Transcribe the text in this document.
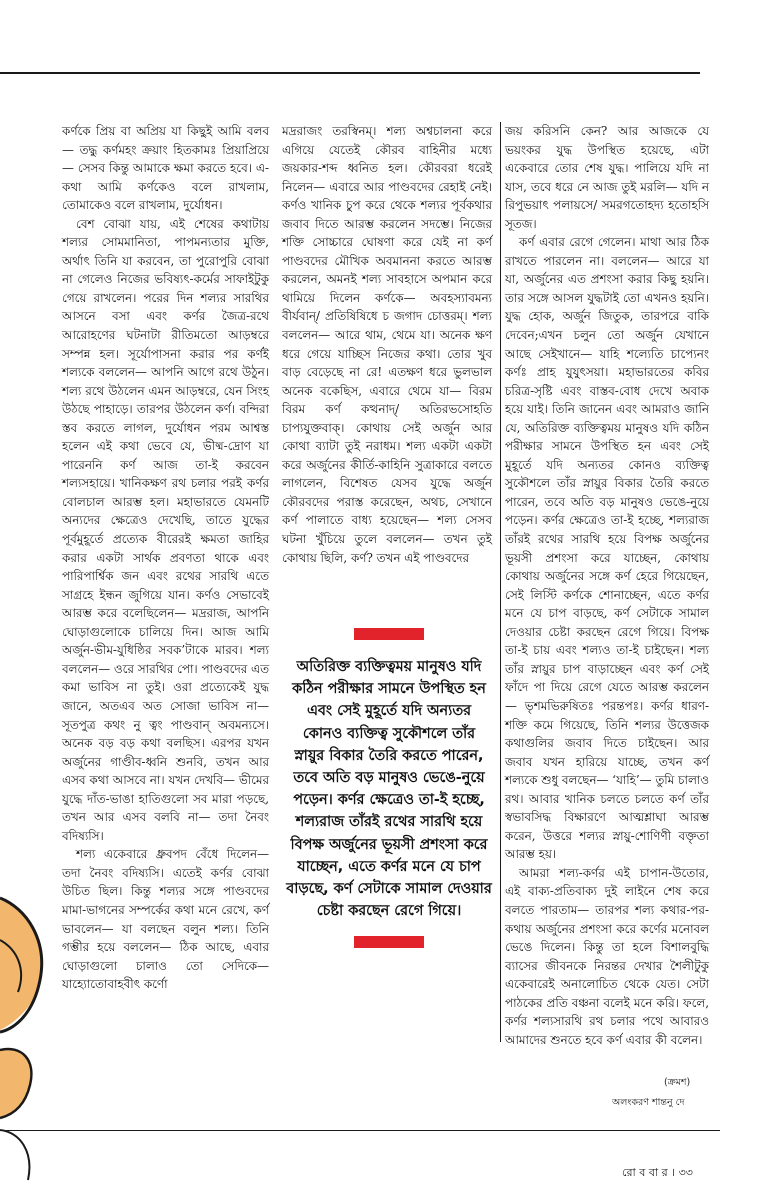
কর্ণকে প্রিয় বা অপ্রিয় যা কিছুই আমি বলব— তদ্ধু কর্ণমহং ক্রয়াং হিতকামঃ প্রিয়াপ্রিয়ে— সেসব কিন্তু আমাকে ক্ষমা করতে হবে। এ-কথা আমি কর্ণকেও বলে রাখলাম, তোমাকেও বলে রাখলাম, দুর্যোধন।

বেশ বোঝা যায়, এই শেষের কথাটায় শল্যর সোমমানিতা, পাপমন্যতার মুক্তি, অর্থাৎ তিনি যা করবেন, তা পুরোপুরি বোঝা না গেলেও নিজের ভবিষ্যৎ-কর্মের সাফাইটুকু গেয়ে রাখলেন। পরের দিন শল্যর সারথির আসনে বসা এবং কর্ণর জৈত্র-রথে আরোহণের ঘটনাটা রীতিমতো আড়ম্বরে সম্পন্ন হল। সূর্যোপাসনা করার পর কর্ণই শল্যকে বললেন— আপনি আগে রথে উঠুন। শল্য রথে উঠলেন এমন আড়ম্বরে, যেন সিংহ উঠছে পাহাড়ে। তারপর উঠলেন কর্ণ। বন্দিরা স্তব করতে লাগল, দুর্যোধন পরম আশ্বস্ত হলেন এই কথা ভেবে যে, ভীষ্ম-দ্রোণ যা পারেননি কর্ণ আজ তা-ই করবেন শল্যসহায়ে। খানিকক্ষণ রথ চলার পরই কর্ণর বোলচাল আরম্ভ হল। মহাভারতে যেমনটি অন্যদের ক্ষেত্রেও দেখেছি, তাতে যুদ্ধের পূর্বমুহূর্তে প্রত্যেক বীরেরই ক্ষমতা জাহির করার একটা সার্থক প্রবণতা থাকে এবং পারিপার্শ্বিক জন এবং রথের সারথি এতে সাগ্রহে ইন্ধন জুগিয়ে যান। কর্ণও সেভাবেই আরম্ভ করে বলেছিলেন— মদ্ররাজ, আপনি ঘোড়াগুলোকে চালিয়ে দিন। আজ আমি অর্জুন-ভীম-যুধিষ্ঠির সবক’টাকে মারব। শল্য বললেন— ওরে সারথির পো। পাণ্ডবদের এত কমা ভাবিস না তুই। ওরা প্রত্যেকেই যুদ্ধ জানে, অতএব অত সোজা ভাবিস না—সূতপুত্র কথং নু ত্বং পাণ্ডবান্ অবমন্যসে। অনেক বড় বড় কথা বলছিস। এরপর যখন অর্জুনের গাণ্ডীব-ধ্বনি শুনবি, তখন আর এসব কথা আসবে না। যখন দেখবি— ভীমের যুদ্ধে দাঁত-ভাঙা হাতিগুলো সব মারা পড়ছে, তখন আর এসব বলবি না— তদা নৈবং বদিষ্যসি।

শল্য একেবারে ধ্রুবপদ বেঁধে দিলেন— তদা নৈবং বদিষ্যসি। এতেই কর্ণর বোঝা উচিত ছিল। কিন্তু শল্যর সঙ্গে পাণ্ডবদের মামা-ভাগনের সম্পর্কের কথা মনে রেখে, কর্ণ ভাবলেন— যা বলছেন বলুন শল্য। তিনি গম্ভীর হয়ে বললেন— ঠিক আছে, এবার ঘোড়াগুলো চালাও তো সেদিকে— যাহ্যোতোবাহবীৎ কর্ণো

মদ্ররাজং তরস্বিনম্। শল্য অশ্বচালনা করে এগিয়ে যেতেই কৌরব বাহিনীর মধ্যে জয়কার-শব্দ ধ্বনিত হল। কৌরবরা ধরেই নিলেন— এবারে আর পাণ্ডবদের রেহাই নেই। কর্ণও খানিক চুপ করে থেকে শল্যর পূর্বকথার জবাব দিতে আরম্ভ করলেন সদম্ভে। নিজের শক্তি সোচ্চারে ঘোষণা করে যেই না কর্ণ পাণ্ডবদের মৌখিক অবমাননা করতে আরম্ভ করলেন, অমনই শল্য সাবহাসে অপমান করে থামিয়ে দিলেন কর্ণকে— অবহস্যাবমন্য বীর্যবান্/ প্রতিষিষিধে চ জগাদ চোত্তরম্। শল্য বললেন— আরে থাম, থেমে যা। অনেক ক্ষণ ধরে গেয়ে যাচ্ছিস নিজের কথা। তোর খুব বাড় বেড়েছে না রে! এতক্ষণ ধরে ভুলভাল অনেক বকেছিস, এবারে থেমে যা— বিরম বিরম কর্ণ কত্থনাদ্/ অতিরভসোহতি চাপ্যযুক্তবাক্। কোথায় সেই অর্জুন আর কোথা ব্যাটা তুই নরাধম। শল্য একটা একটা করে অর্জুনের কীর্তি-কাহিনি সুত্রাকারে বলতে লাগলেন, বিশেষত যেসব যুদ্ধে অর্জুন কৌরবদের পরাস্ত করেছেন, অথচ, সেখানে কর্ণ পালাতে বাধ্য হয়েছেন— শল্য সেসব ঘটনা খুঁচিয়ে তুলে বললেন— তখন তুই কোথায় ছিলি, কর্ণ? তখন এই পাণ্ডবদের

অতিরিক্ত ব্যক্তিত্বময় মানুষও যদি কঠিন পরীক্ষার সামনে উপস্থিত হন এবং সেই মুহূর্তে যদি অন্যতর কোনও ব্যক্তিত্ব সুকৌশলে তাঁর স্নায়ুর বিকার তৈরি করতে পারেন, তবে অতি বড় মানুষও ভেঙে-নুয়ে পড়েন। কর্ণর ক্ষেত্রেও তা-ই হচ্ছে, শল্যরাজ তাঁরই রথের সারথি হয়ে বিপক্ষ অর্জুনের ভূয়সী প্রশংসা করে যাচ্ছেন, এতে কর্ণর মনে যে চাপ বাড়ছে, কর্ণ সেটাকে সামাল দেওয়ার চেষ্টা করছেন রেগে গিয়ে।

জয় করিসনি কেন? আর আজকে যে ভয়ংকর যুদ্ধ উপস্থিত হয়েছে, এটা একেবারে তোর শেষ যুদ্ধ। পালিয়ে যদি না যাস, তবে ধরে নে আজ তুই মরলি— যদি ন রিপুভয়াৎ পলায়সে/ সমরগতোহদ্য হতোহসি সূতজ।

কর্ণ এবার রেগে গেলেন। মাথা আর ঠিক রাখতে পারলেন না। বললেন— আরে যা যা, অর্জুনের এত প্রশংসা করার কিছু হয়নি। তার সঙ্গে আসল যুদ্ধটাই তো এখনও হয়নি। যুদ্ধ হোক, অর্জুন জিতুক, তারপরে বাকি দেবেন;এখন চলুন তো অর্জুন যেখানে আছে সেইখানে— যাহি শল্যেতি চাপ্যেনং কর্ণঃ প্রাহ যুযুৎসয়া। মহাভারতের কবির চরিত্র-সৃষ্টি এবং বাস্তব-বোধ দেখে অবাক হয়ে যাই। তিনি জানেন এবং আমরাও জানি যে, অতিরিক্ত ব্যক্তিত্বময় মানুষও যদি কঠিন পরীক্ষার সামনে উপস্থিত হন এবং সেই মুহূর্তে যদি অন্যতর কোনও ব্যক্তিত্ব সুকৌশলে তাঁর স্নায়ুর বিকার তৈরি করতে পারেন, তবে অতি বড় মানুষও ভেঙে-নুয়ে পড়েন। কর্ণর ক্ষেত্রেও তা-ই হচ্ছে, শল্যরাজ তাঁরই রথের সারথি হয়ে বিপক্ষ অর্জুনের ভূয়সী প্রশংসা করে যাচ্ছেন, কোথায় কোথায় অর্জুনের সঙ্গে কর্ণ হেরে গিয়েছেন, সেই লিস্টি কর্ণকে শোনাচ্ছেন, এতে কর্ণর মনে যে চাপ বাড়ছে, কর্ণ সেটাকে সামাল দেওয়ার চেষ্টা করছেন রেগে গিয়ে। বিপক্ষ তা-ই চায় এবং শল্যও তা-ই চাইছেন। শল্য তাঁর স্নায়ুর চাপ বাড়াচ্ছেন এবং কর্ণ সেই ফাঁদে পা দিয়ে রেগে যেতে আরম্ভ করলেন— ভৃশমভিরুষিতঃ পরন্তপঃ। কর্ণর ধারণ-শক্তি কমে গিয়েছে, তিনি শল্যর উত্তেজক কথাগুলির জবাব দিতে চাইছেন। আর জবাব যখন হারিয়ে যাচ্ছে, তখন কর্ণ শল্যকে শুধু বলছেন— ‘যাহি’— তুমি চালাও রথ। আবার খানিক চলতে চলতে কর্ণ তাঁর স্বভাবসিদ্ধ বিক্ষারণে আত্মশ্লাঘা আরম্ভ করেন, উত্তরে শল্যর স্নায়ু-শোণিণী বক্তৃতা আরম্ভ হয়।

আমরা শল্য-কর্ণর এই চাপান-উতোর, এই বাক্য-প্রতিবাক্য দুই লাইনে শেষ করে বলতে পারতাম— তারপর শল্য কথার-পর-কথায় অর্জুনের প্রশংসা করে কর্ণের মনোবল ভেঙে দিলেন। কিন্তু তা হলে বিশালবুদ্ধি ব্যাসের জীবনকে নিরন্তর দেখার শৈলীটুকু একেবারেই অনালোচিত থেকে যেত। সেটা পাঠকের প্রতি বঞ্চনা বলেই মনে করি। ফলে, কর্ণর শল্যসারথি রথ চলার পথে আবারও আমাদের শুনতে হবে কর্ণ এবার কী বলেন।

(ক্রমশ)
অলংকরণ শান্তনু দে
রো ব বা র । ৩৩
